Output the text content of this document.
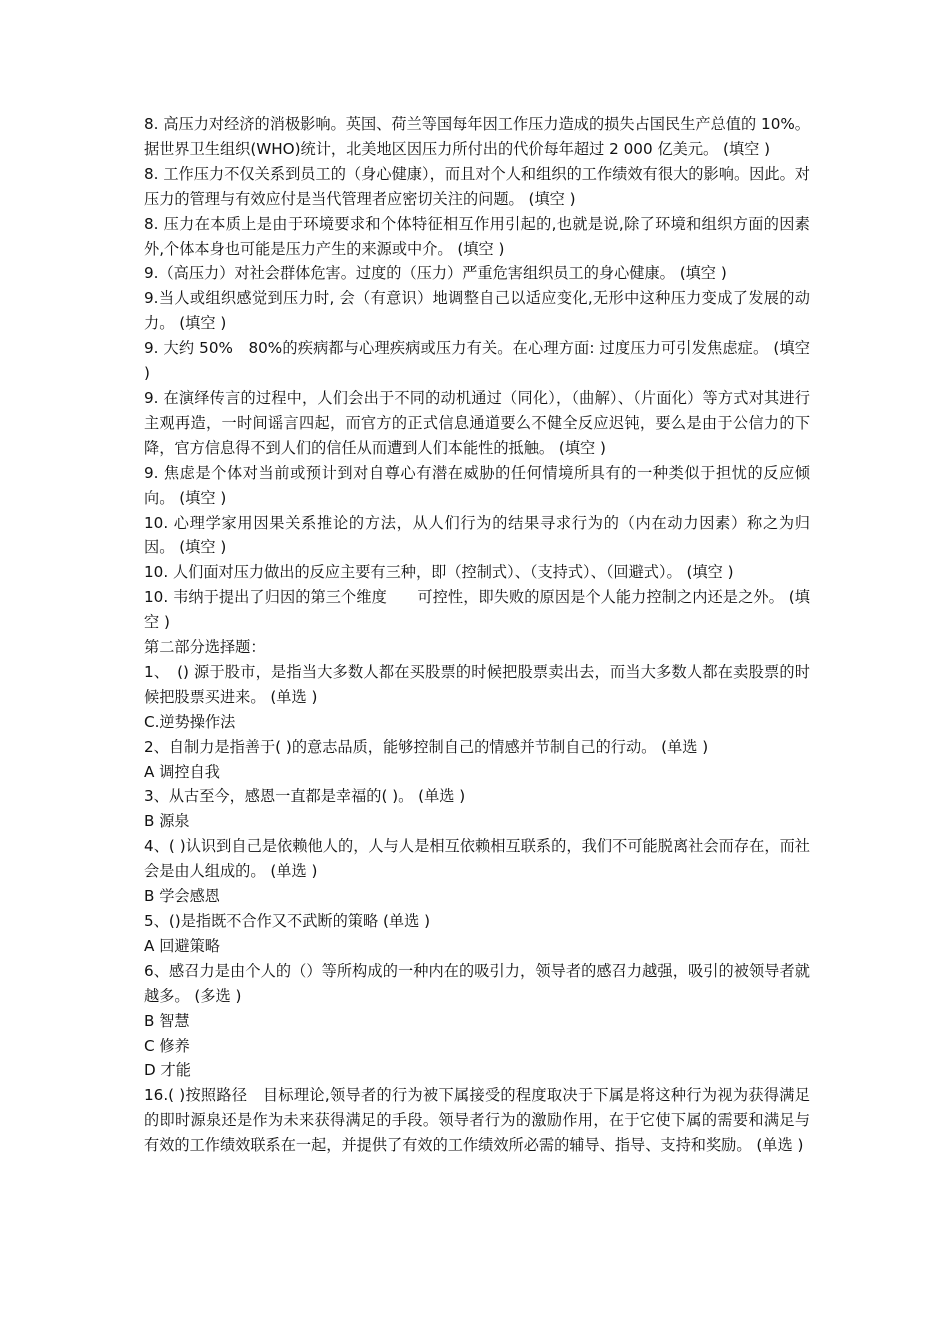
8. 高压力对经济的消极影响。英国、荷兰等国每年因工作压力造成的损失占国民生产总值的 10%。据世界卫生组织(WHO)统计，北美地区因压力所付出的代价每年超过 2 000 亿美元。 (填空 )

8. 工作压力不仅关系到员工的（身心健康），而且对个人和组织的工作绩效有很大的影响。因此。对压力的管理与有效应付是当代管理者应密切关注的问题。 (填空 )

8. 压力在本质上是由于环境要求和个体特征相互作用引起的,也就是说,除了环境和组织方面的因素外,个体本身也可能是压力产生的来源或中介。 (填空 )

9.（高压力）对社会群体危害。过度的（压力）严重危害组织员工的身心健康。 (填空 )

9.当人或组织感觉到压力时, 会（有意识）地调整自己以适应变化,无形中这种压力变成了发展的动力。 (填空 )

9. 大约 50%　80%的疾病都与心理疾病或压力有关。在心理方面: 过度压力可引发焦虑症。 (填空 )

9. 在演绎传言的过程中，人们会出于不同的动机通过（同化），（曲解）、（片面化）等方式对其进行主观再造，一时间谣言四起，而官方的正式信息通道要么不健全反应迟钝，要么是由于公信力的下降，官方信息得不到人们的信任从而遭到人们本能性的抵触。 (填空 )

9. 焦虑是个体对当前或预计到对自尊心有潜在威胁的任何情境所具有的一种类似于担忧的反应倾向。 (填空 )

10. 心理学家用因果关系推论的方法，从人们行为的结果寻求行为的（内在动力因素）称之为归因。 (填空 )

10. 人们面对压力做出的反应主要有三种，即（控制式）、（支持式）、（回避式）。 (填空 )

10. 韦纳于提出了归因的第三个维度　　可控性，即失败的原因是个人能力控制之内还是之外。 (填空 )

第二部分选择题：

1、　() 源于股市，是指当大多数人都在买股票的时候把股票卖出去，而当大多数人都在卖股票的时候把股票买进来。 (单选 )

C.逆势操作法

2、自制力是指善于( )的意志品质，能够控制自己的情感并节制自己的行动。 (单选 )

A 调控自我

3、从古至今，感恩一直都是幸福的( )。 (单选 )

B 源泉

4、( )认识到自己是依赖他人的，人与人是相互依赖相互联系的，我们不可能脱离社会而存在，而社会是由人组成的。 (单选 )

B 学会感恩

5、()是指既不合作又不武断的策略 (单选 )

A 回避策略

6、感召力是由个人的（）等所构成的一种内在的吸引力，领导者的感召力越强，吸引的被领导者就越多。 (多选 )

B 智慧

C 修养

D 才能

16.( )按照路径　目标理论,领导者的行为被下属接受的程度取决于下属是将这种行为视为获得满足的即时源泉还是作为未来获得满足的手段。领导者行为的激励作用，在于它使下属的需要和满足与有效的工作绩效联系在一起，并提供了有效的工作绩效所必需的辅导、指导、支持和奖励。 (单选 )
